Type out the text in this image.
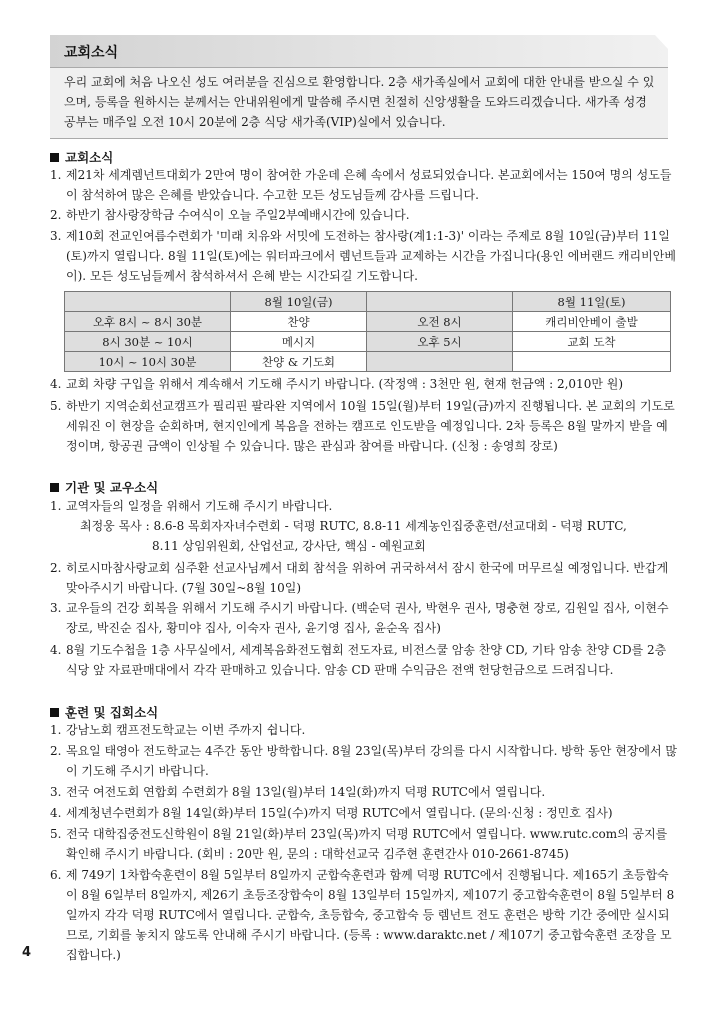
교회소식

우리 교회에 처음 나오신 성도 여러분을 진심으로 환영합니다. 2층 새가족실에서 교회에 대한 안내를 받으실 수 있으며, 등록을 원하시는 분께서는 안내위원에게 말씀해 주시면 친절히 신앙생활을 도와드리겠습니다. 새가족 성경공부는 매주일 오전 10시 20분에 2층 식당 새가족(VIP)실에서 있습니다.

교회소식
1. 제21차 세계렘넌트대회가 2만여 명이 참여한 가운데 은혜 속에서 성료되었습니다. 본교회에서는 150여 명의 성도들이 참석하여 많은 은혜를 받았습니다. 수고한 모든 성도님들께 감사를 드립니다.
2. 하반기 참사랑장학금 수여식이 오늘 주일2부예배시간에 있습니다.
3. 제10회 전교인여름수련회가 '미래 치유와 서밋에 도전하는 참사랑(계1:1-3)' 이라는 주제로 8월 10일(금)부터 11일(토)까지 열립니다. 8월 11일(토)에는 워터파크에서 렘넌트들과 교제하는 시간을 가집니다(용인 에버랜드 캐리비안베이). 모든 성도님들께서 참석하셔서 은혜 받는 시간되길 기도합니다.
	8월 10일(금)		8월 11일(토)
오후 8시 ~ 8시 30분	찬양	오전 8시	캐리비안베이 출발
8시 30분 ~ 10시	메시지	오후 5시	교회 도착
10시 ~ 10시 30분	찬양 & 기도회		
4. 교회 차량 구입을 위해서 계속해서 기도해 주시기 바랍니다. (작정액 : 3천만 원, 현재 헌금액 : 2,010만 원)
5. 하반기 지역순회선교캠프가 필리핀 팔라완 지역에서 10월 15일(월)부터 19일(금)까지 진행됩니다. 본 교회의 기도로 세워진 이 현장을 순회하며, 현지인에게 복음을 전하는 캠프로 인도받을 예정입니다. 2차 등록은 8월 말까지 받을 예정이며, 항공권 금액이 인상될 수 있습니다. 많은 관심과 참여를 바랍니다. (신청 : 송영희 장로)
기관 및 교우소식
1. 교역자들의 일정을 위해서 기도해 주시기 바랍니다.
최정웅 목사 : 8.6-8 목회자자녀수련회 - 덕평 RUTC, 8.8-11 세계농인집중훈련/선교대회 - 덕평 RUTC,
8.11 상임위원회, 산업선교, 강사단, 핵심 - 예원교회
2. 히로시마참사랑교회 심주환 선교사님께서 대회 참석을 위하여 귀국하셔서 잠시 한국에 머무르실 예정입니다. 반갑게 맞아주시기 바랍니다. (7월 30일~8월 10일)
3. 교우들의 건강 회복을 위해서 기도해 주시기 바랍니다. (백순덕 권사, 박현우 권사, 명충현 장로, 김원일 집사, 이현수 장로, 박진순 집사, 황미야 집사, 이숙자 권사, 윤기영 집사, 윤순옥 집사)
4. 8월 기도수첩을 1층 사무실에서, 세계복음화전도협회 전도자료, 비전스쿨 암송 찬양 CD, 기타 암송 찬양 CD를 2층 식당 앞 자료판매대에서 각각 판매하고 있습니다. 암송 CD 판매 수익금은 전액 헌당헌금으로 드려집니다.
훈련 및 집회소식
1. 강남노회 캠프전도학교는 이번 주까지 쉽니다.
2. 목요일 태영아 전도학교는 4주간 동안 방학합니다. 8월 23일(목)부터 강의를 다시 시작합니다. 방학 동안 현장에서 많이 기도해 주시기 바랍니다.
3. 전국 여전도회 연합회 수련회가 8월 13일(월)부터 14일(화)까지 덕평 RUTC에서 열립니다.
4. 세계청년수련회가 8월 14일(화)부터 15일(수)까지 덕평 RUTC에서 열립니다. (문의·신청 : 정민호 집사)
5. 전국 대학집중전도신학원이 8월 21일(화)부터 23일(목)까지 덕평 RUTC에서 열립니다. www.rutc.com의 공지를 확인해 주시기 바랍니다. (회비 : 20만 원, 문의 : 대학선교국 김주현 훈련간사 010-2661-8745)
6. 제 749기 1차합숙훈련이 8월 5일부터 8일까지 군합숙훈련과 함께 덕평 RUTC에서 진행됩니다. 제165기 초등합숙이 8월 6일부터 8일까지, 제26기 초등조장합숙이 8월 13일부터 15일까지, 제107기 중고합숙훈련이 8월 5일부터 8일까지 각각 덕평 RUTC에서 열립니다. 군합숙, 초등합숙, 중고합숙 등 렘넌트 전도 훈련은 방학 기간 중에만 실시되므로, 기회를 놓치지 않도록 안내해 주시기 바랍니다. (등록 : www.daraktc.net / 제107기 중고합숙훈련 조장을 모집합니다.)
4
